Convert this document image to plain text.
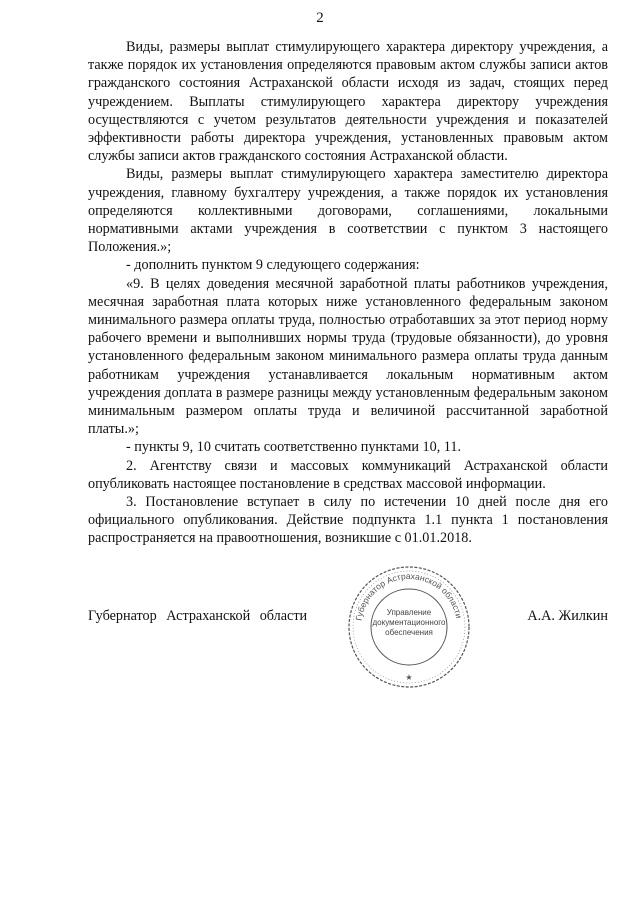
2

Виды, размеры выплат стимулирующего характера директору учреждения, а также порядок их установления определяются правовым актом службы записи актов гражданского состояния Астраханской области исходя из задач, стоящих перед учреждением. Выплаты стимулирующего характера директору учреждения осуществляются с учетом результатов деятельности учреждения и показателей эффективности работы директора учреждения, установленных правовым актом службы записи актов гражданского состояния Астраханской области.

Виды, размеры выплат стимулирующего характера заместителю директора учреждения, главному бухгалтеру учреждения, а также порядок их установления определяются коллективными договорами, соглашениями, локальными нормативными актами учреждения в соответствии с пунктом 3 настоящего Положения.»;

- дополнить пунктом 9 следующего содержания:

«9. В целях доведения месячной заработной платы работников учреждения, месячная заработная плата которых ниже установленного федеральным законом минимального размера оплаты труда, полностью отработавших за этот период норму рабочего времени и выполнивших нормы труда (трудовые обязанности), до уровня установленного федеральным законом минимального размера оплаты труда данным работникам учреждения устанавливается локальным нормативным актом учреждения доплата в размере разницы между установленным федеральным законом минимальным размером оплаты труда и величиной рассчитанной заработной платы.»;

- пункты 9, 10 считать соответственно пунктами 10, 11.

2. Агентству связи и массовых коммуникаций Астраханской области опубликовать настоящее постановление в средствах массовой информации.

3. Постановление вступает в силу по истечении 10 дней после дня его официального опубликования. Действие подпункта 1.1 пункта 1 постановления распространяется на правоотношения, возникшие с 01.01.2018.

Губернатор Астраханской области	А.А. Жилкин
Губернатор Астраханской области
★
Управление документационного обеспечения
